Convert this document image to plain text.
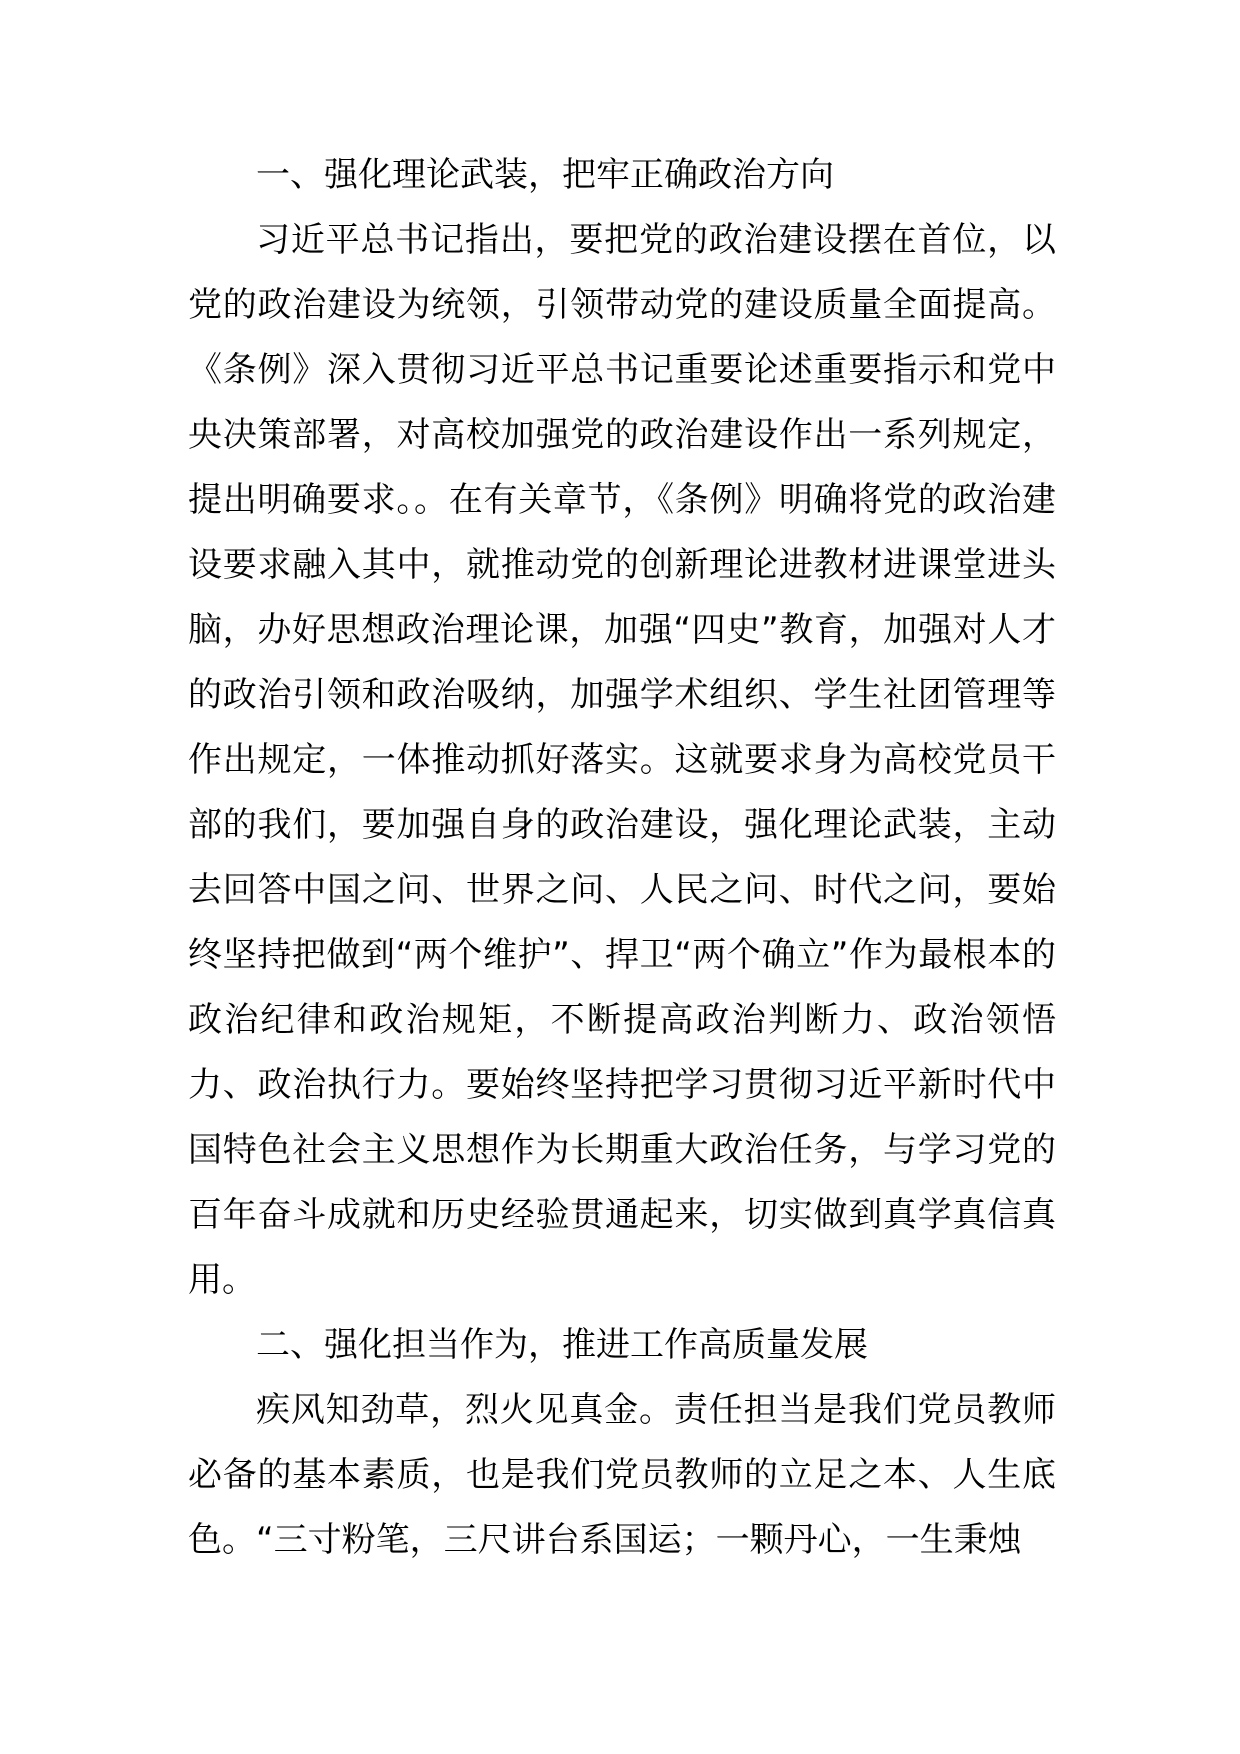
一、强化理论武装，把牢正确政治方向

习近平总书记指出，要把党的政治建设摆在首位，以党的政治建设为统领，引领带动党的建设质量全面提高。《条例》深入贯彻习近平总书记重要论述重要指示和党中央决策部署，对高校加强党的政治建设作出一系列规定，提出明确要求。。在有关章节，《条例》明确将党的政治建设要求融入其中，就推动党的创新理论进教材进课堂进头脑，办好思想政治理论课，加强“四史”教育，加强对人才的政治引领和政治吸纳，加强学术组织、学生社团管理等作出规定，一体推动抓好落实。这就要求身为高校党员干部的我们，要加强自身的政治建设，强化理论武装，主动去回答中国之问、世界之问、人民之问、时代之问，要始终坚持把做到“两个维护”、捍卫“两个确立”作为最根本的政治纪律和政治规矩，不断提高政治判断力、政治领悟力、政治执行力。要始终坚持把学习贯彻习近平新时代中国特色社会主义思想作为长期重大政治任务，与学习党的百年奋斗成就和历史经验贯通起来，切实做到真学真信真用。

二、强化担当作为，推进工作高质量发展

疾风知劲草，烈火见真金。责任担当是我们党员教师必备的基本素质，也是我们党员教师的立足之本、人生底色。“三寸粉笔，三尺讲台系国运；一颗丹心，一生秉烛
